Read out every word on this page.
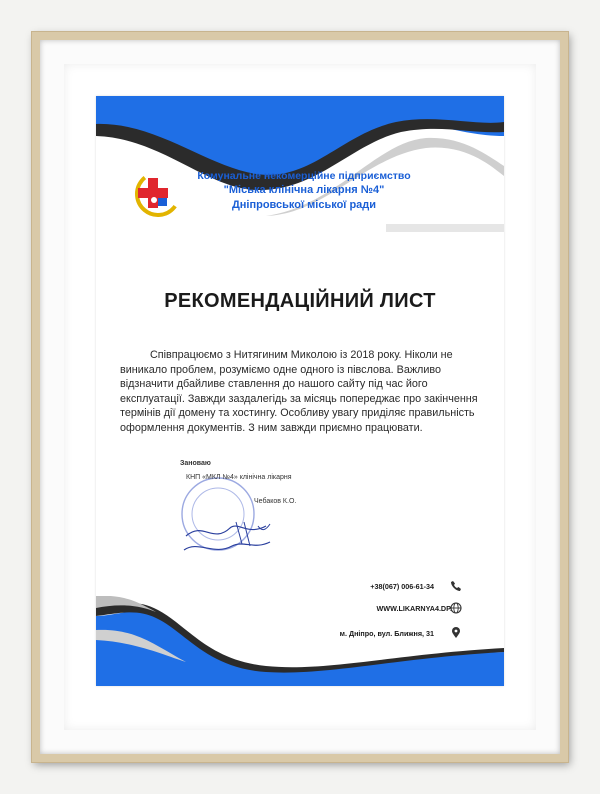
Комунальне некомерційне підприємство
"Міська клінічна лікарня №4"
Дніпровської міської ради
РЕКОМЕНДАЦІЙНИЙ ЛИСТ
Співпрацюємо з Нитягиним Миколою із 2018 року. Ніколи не виникало проблем, розуміємо одне одного із півслова. Важливо відзначити дбайливе ставлення до нашого сайту під час його експлуатації. Завжди заздалегідь за місяць попереджає про закінчення термінів дії домену та хостингу. Особливу увагу приділяє правильність оформлення документів. З ним завжди приємно працювати.
Зановаю
КНП «МКЛ №4» клінічна лікарня
Чебаков К.О.
+38(067) 006-61-34
WWW.LIKARNYA4.DP.
м. Дніпро, вул. Ближня, 31
